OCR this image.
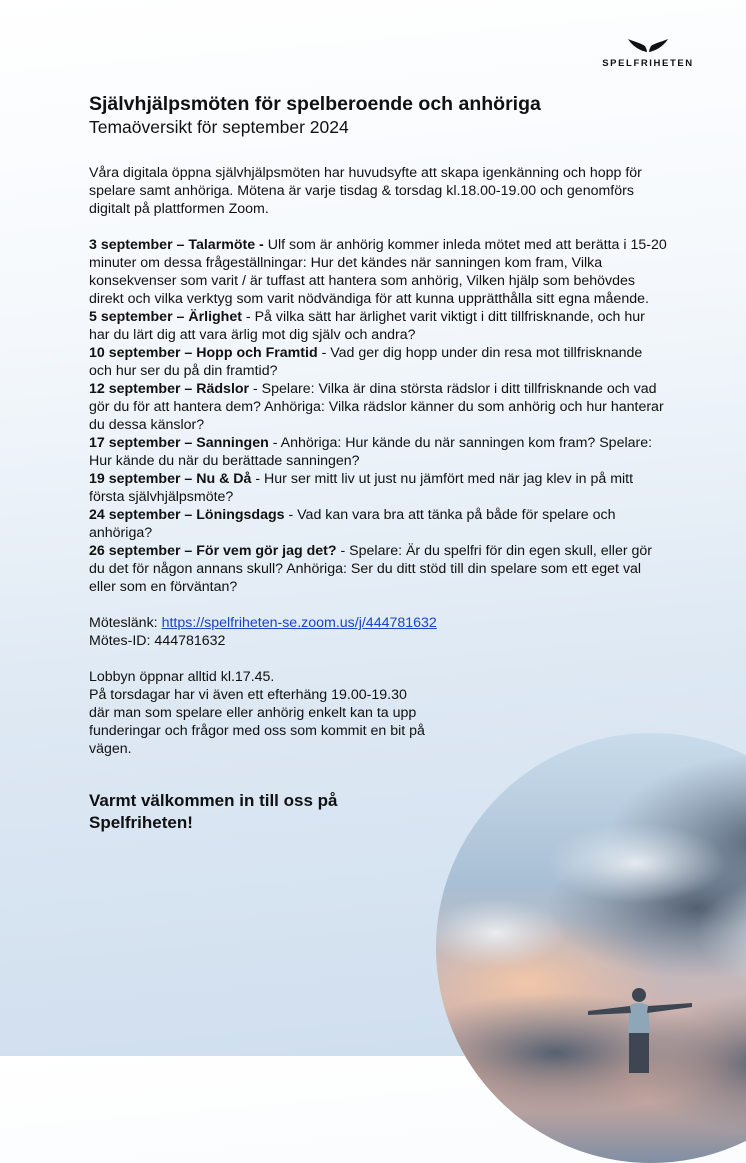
SPELFRIHETEN
Självhjälpsmöten för spelberoende och anhöriga
Temaöversikt för september 2024

Våra digitala öppna självhjälpsmöten har huvudsyfte att skapa igenkänning och hopp för spelare samt anhöriga. Mötena är varje tisdag & torsdag kl.18.00-19.00 och genomförs digitalt på plattformen Zoom.

3 september – Talarmöte - Ulf som är anhörig kommer inleda mötet med att berätta i 15-20 minuter om dessa frågeställningar: Hur det kändes när sanningen kom fram, Vilka konsekvenser som varit / är tuffast att hantera som anhörig, Vilken hjälp som behövdes direkt och vilka verktyg som varit nödvändiga för att kunna upprätthålla sitt egna mående.

5 september – Ärlighet - På vilka sätt har ärlighet varit viktigt i ditt tillfrisknande, och hur har du lärt dig att vara ärlig mot dig själv och andra?

10 september – Hopp och Framtid - Vad ger dig hopp under din resa mot tillfrisknande och hur ser du på din framtid?

12 september – Rädslor - Spelare: Vilka är dina största rädslor i ditt tillfrisknande och vad gör du för att hantera dem? Anhöriga: Vilka rädslor känner du som anhörig och hur hanterar du dessa känslor?

17 september – Sanningen - Anhöriga: Hur kände du när sanningen kom fram? Spelare: Hur kände du när du berättade sanningen?

19 september – Nu & Då - Hur ser mitt liv ut just nu jämfört med när jag klev in på mitt första självhjälpsmöte?

24 september – Löningsdags - Vad kan vara bra att tänka på både för spelare och anhöriga?

26 september – För vem gör jag det? - Spelare: Är du spelfri för din egen skull, eller gör du det för någon annans skull? Anhöriga: Ser du ditt stöd till din spelare som ett eget val eller som en förväntan?

Möteslänk: https://spelfriheten-se.zoom.us/j/444781632

Mötes-ID: 444781632

Lobbyn öppnar alltid kl.17.45.

På torsdagar har vi även ett efterhäng 19.00-19.30 där man som spelare eller anhörig enkelt kan ta upp funderingar och frågor med oss som kommit en bit på vägen.

Varmt välkommen in till oss på Spelfriheten!
